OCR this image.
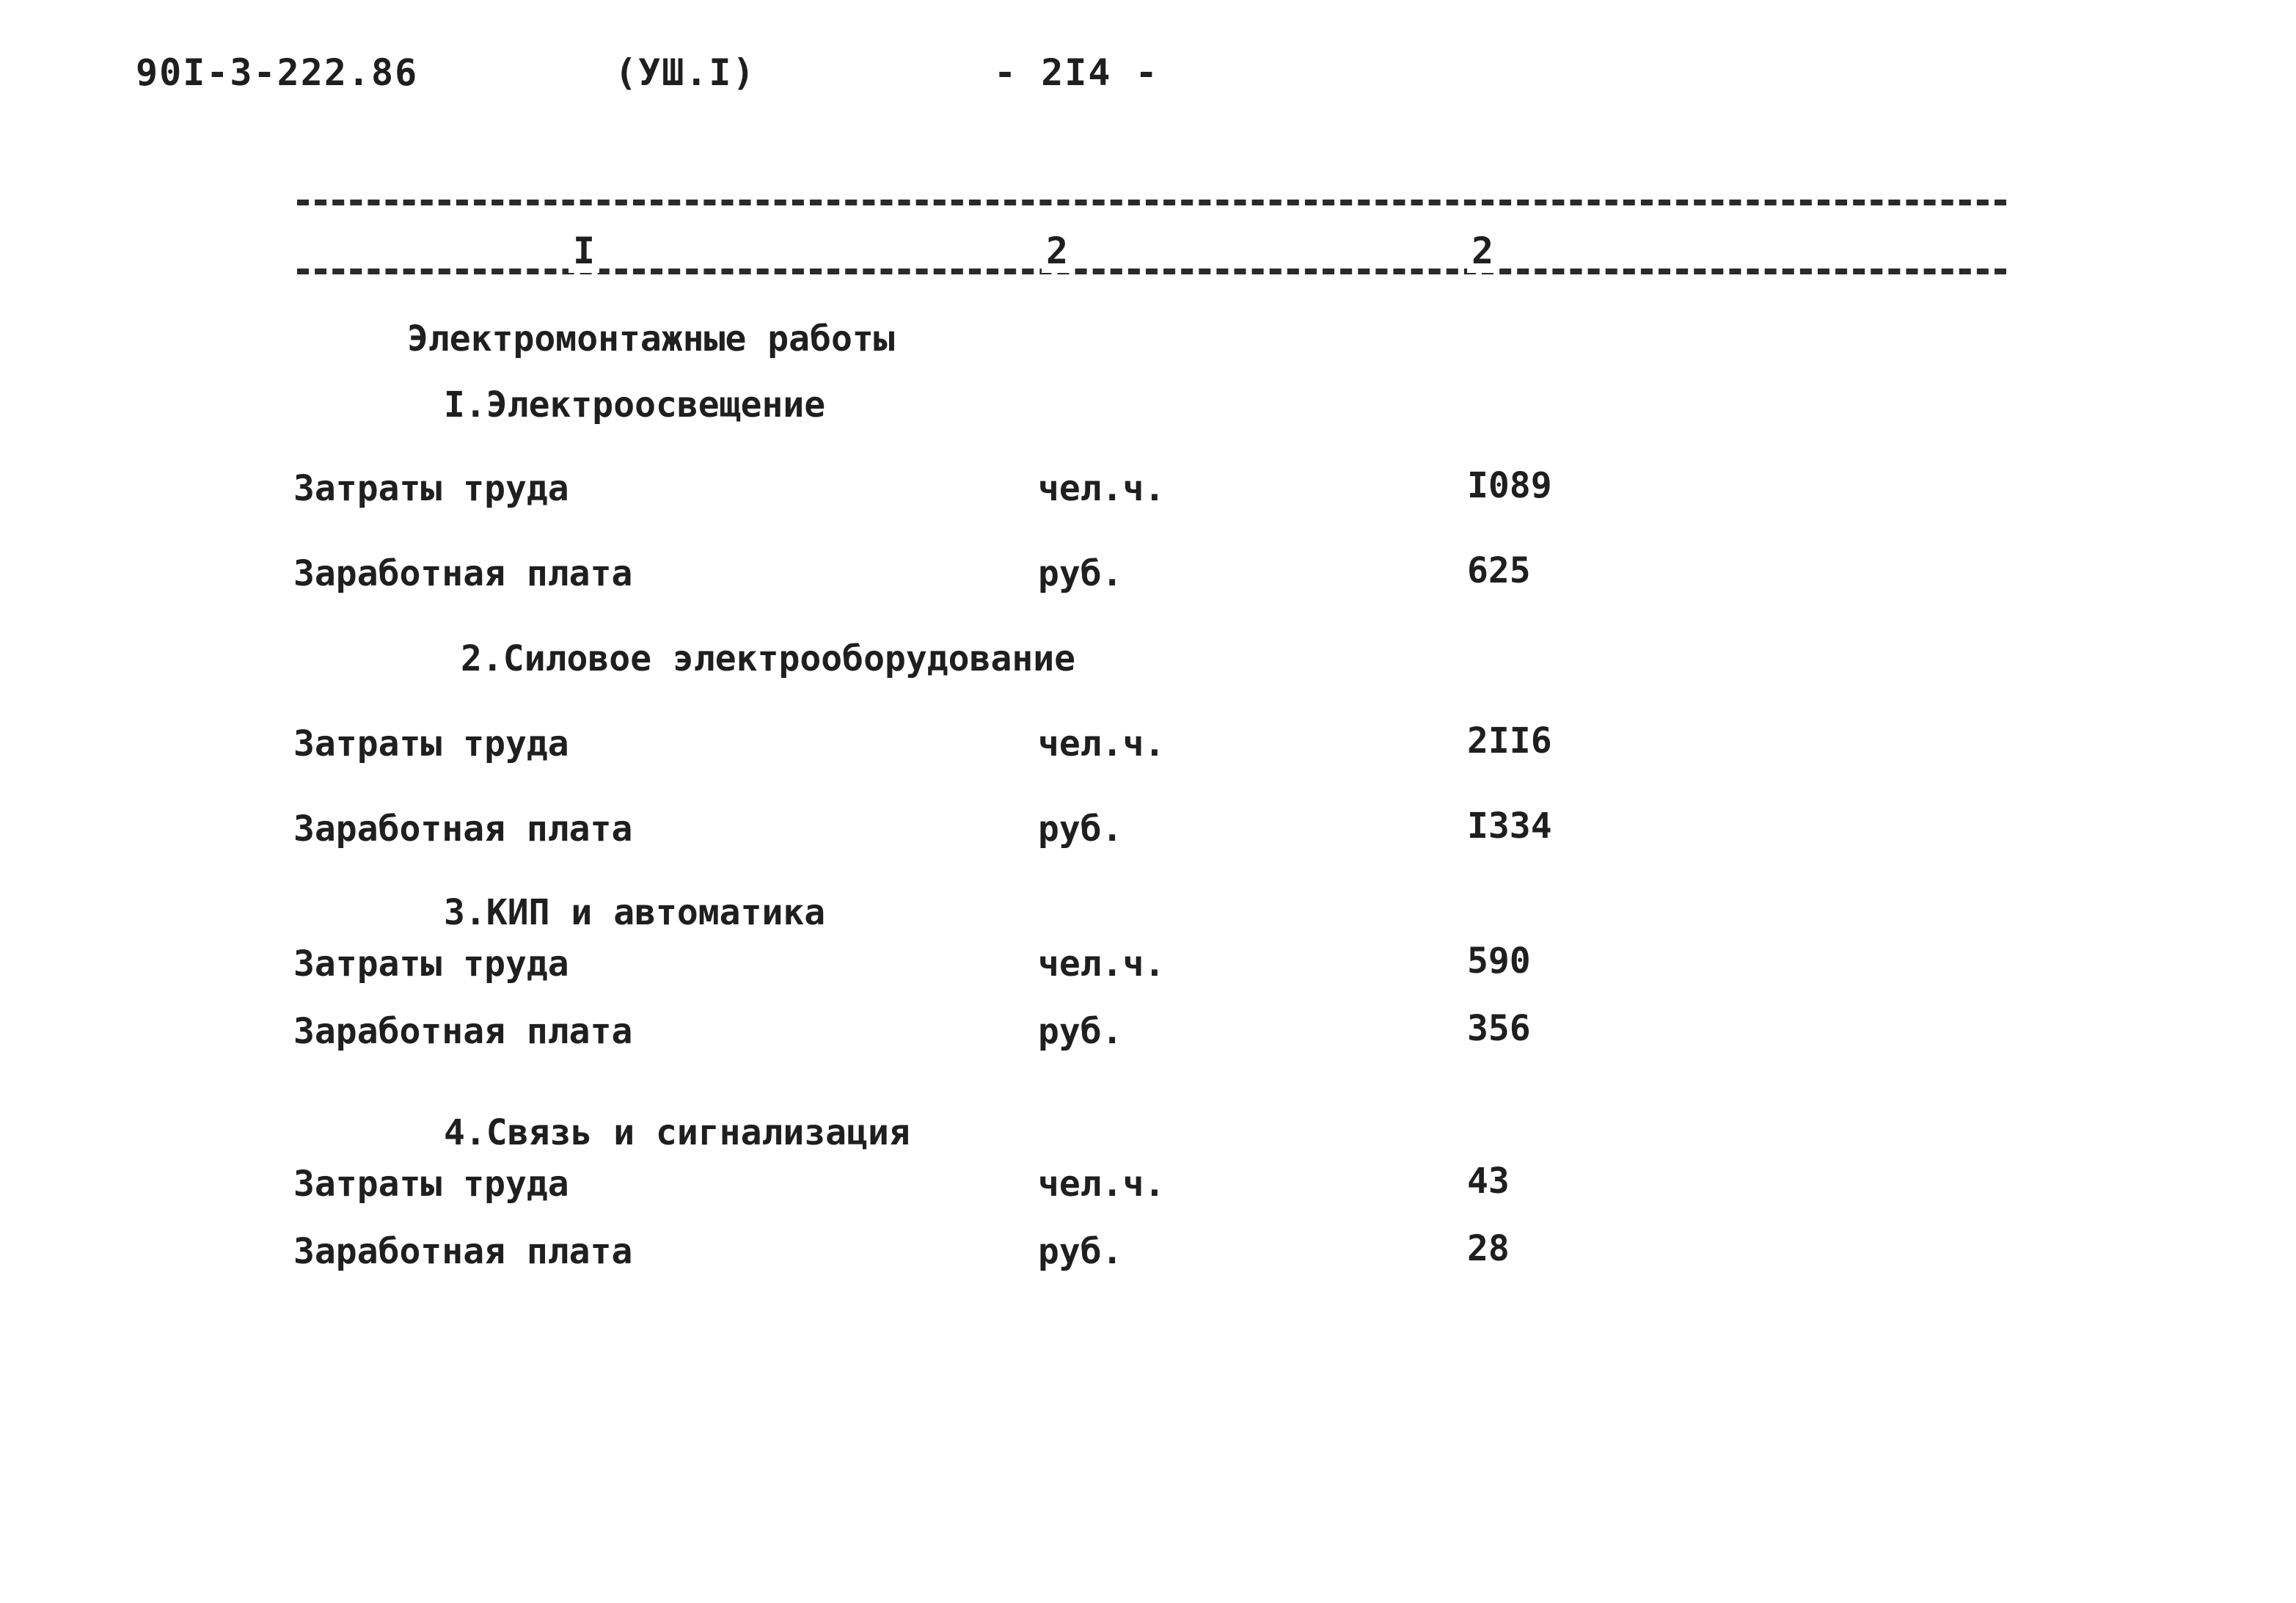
90I-3-222.86	(УШ.I)	- 2I4 -
I	2	2
Электромонтажные работы
I.Электроосвещение
Затраты труда	чел.ч.	I089
Заработная плата	руб.	625
2.Силовое электрооборудование
Затраты труда	чел.ч.	2II6
Заработная плата	руб.	I334
3.КИП и автоматика
Затраты труда	чел.ч.	590
Заработная плата	руб.	356
4.Связь и сигнализация
Затраты труда	чел.ч.	43
Заработная плата	руб.	28
